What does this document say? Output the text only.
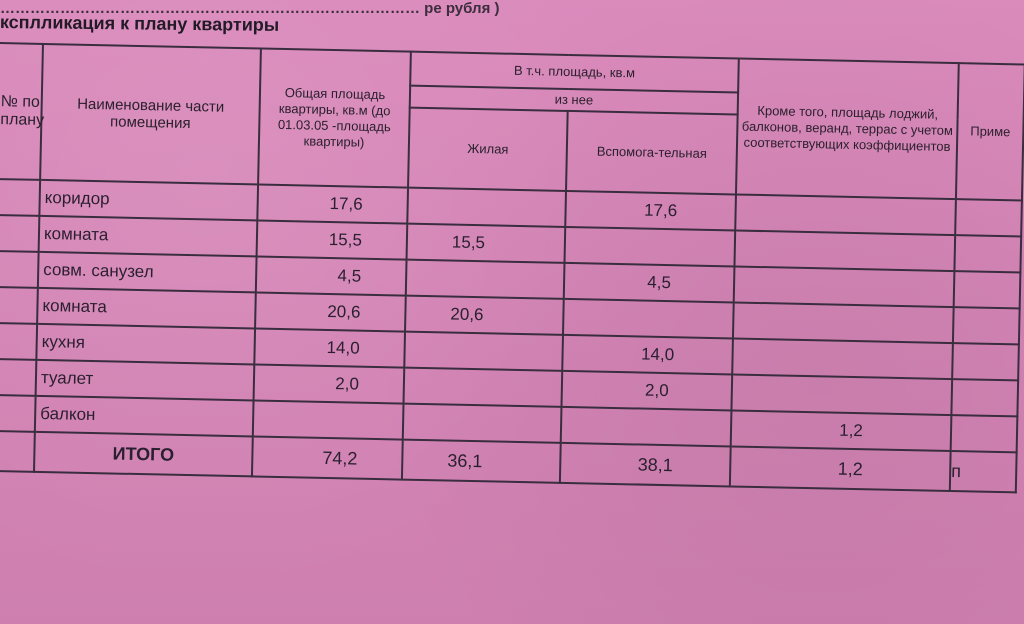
………………………………………………………………………… ре рубля )
ксплликация к плану квартиры
№ по плану	Наименование части помещения	Общая площадь квартиры, кв.м (до 01.03.05 -площадь квартиры)	В т.ч. площадь, кв.м		Кроме того, площадь лоджий, балконов, веранд, террас с учетом соответствующих коэффициентов	Приме
			из нее			
			Жилая	Вспомога-тельная		
	коридор	17,6		17,6		
	комната	15,5	15,5			
	совм. санузел	4,5		4,5		
	комната	20,6	20,6			
	кухня	14,0		14,0		
	туалет	2,0		2,0		
	балкон				1,2	
	ИТОГО	74,2	36,1	38,1	1,2	п
